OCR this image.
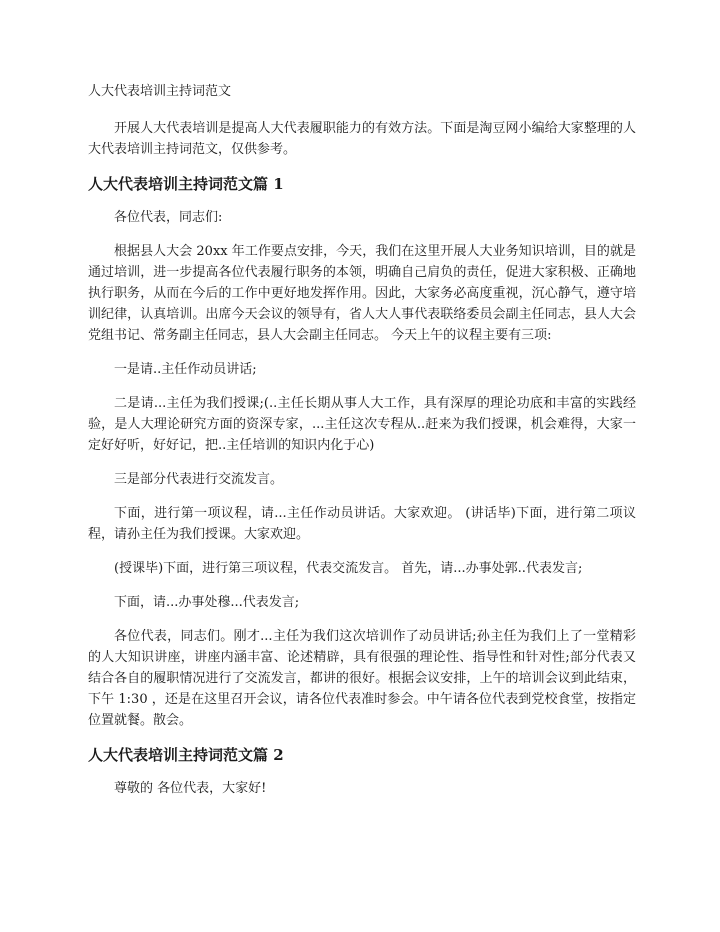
人大代表培训主持词范文

开展人大代表培训是提高人大代表履职能力的有效方法。下面是淘豆网小编给大家整理的人大代表培训主持词范文，仅供参考。

人大代表培训主持词范文篇 1

各位代表，同志们:

根据县人大会 20xx 年工作要点安排，今天，我们在这里开展人大业务知识培训，目的就是通过培训，进一步提高各位代表履行职务的本领，明确自己肩负的责任，促进大家积极、正确地执行职务，从而在今后的工作中更好地发挥作用。因此，大家务必高度重视，沉心静气，遵守培训纪律，认真培训。出席今天会议的领导有，省人大人事代表联络委员会副主任同志，县人大会党组书记、常务副主任同志，县人大会副主任同志。 今天上午的议程主要有三项:

一是请..主任作动员讲话;

二是请...主任为我们授课;(..主任长期从事人大工作，具有深厚的理论功底和丰富的实践经验，是人大理论研究方面的资深专家，...主任这次专程从..赶来为我们授课，机会难得，大家一定好好听，好好记，把..主任培训的知识内化于心)

三是部分代表进行交流发言。

下面，进行第一项议程，请...主任作动员讲话。大家欢迎。 (讲话毕)下面，进行第二项议程，请孙主任为我们授课。大家欢迎。

(授课毕)下面，进行第三项议程，代表交流发言。 首先，请...办事处郭..代表发言;

下面，请...办事处穆...代表发言;

各位代表，同志们。刚才...主任为我们这次培训作了动员讲话;孙主任为我们上了一堂精彩的人大知识讲座，讲座内涵丰富、论述精辟，具有很强的理论性、指导性和针对性;部分代表又结合各自的履职情况进行了交流发言，都讲的很好。根据会议安排，上午的培训会议到此结束，下午 1:30 ，还是在这里召开会议，请各位代表准时参会。中午请各位代表到党校食堂，按指定位置就餐。散会。

人大代表培训主持词范文篇 2

尊敬的 各位代表，大家好!
